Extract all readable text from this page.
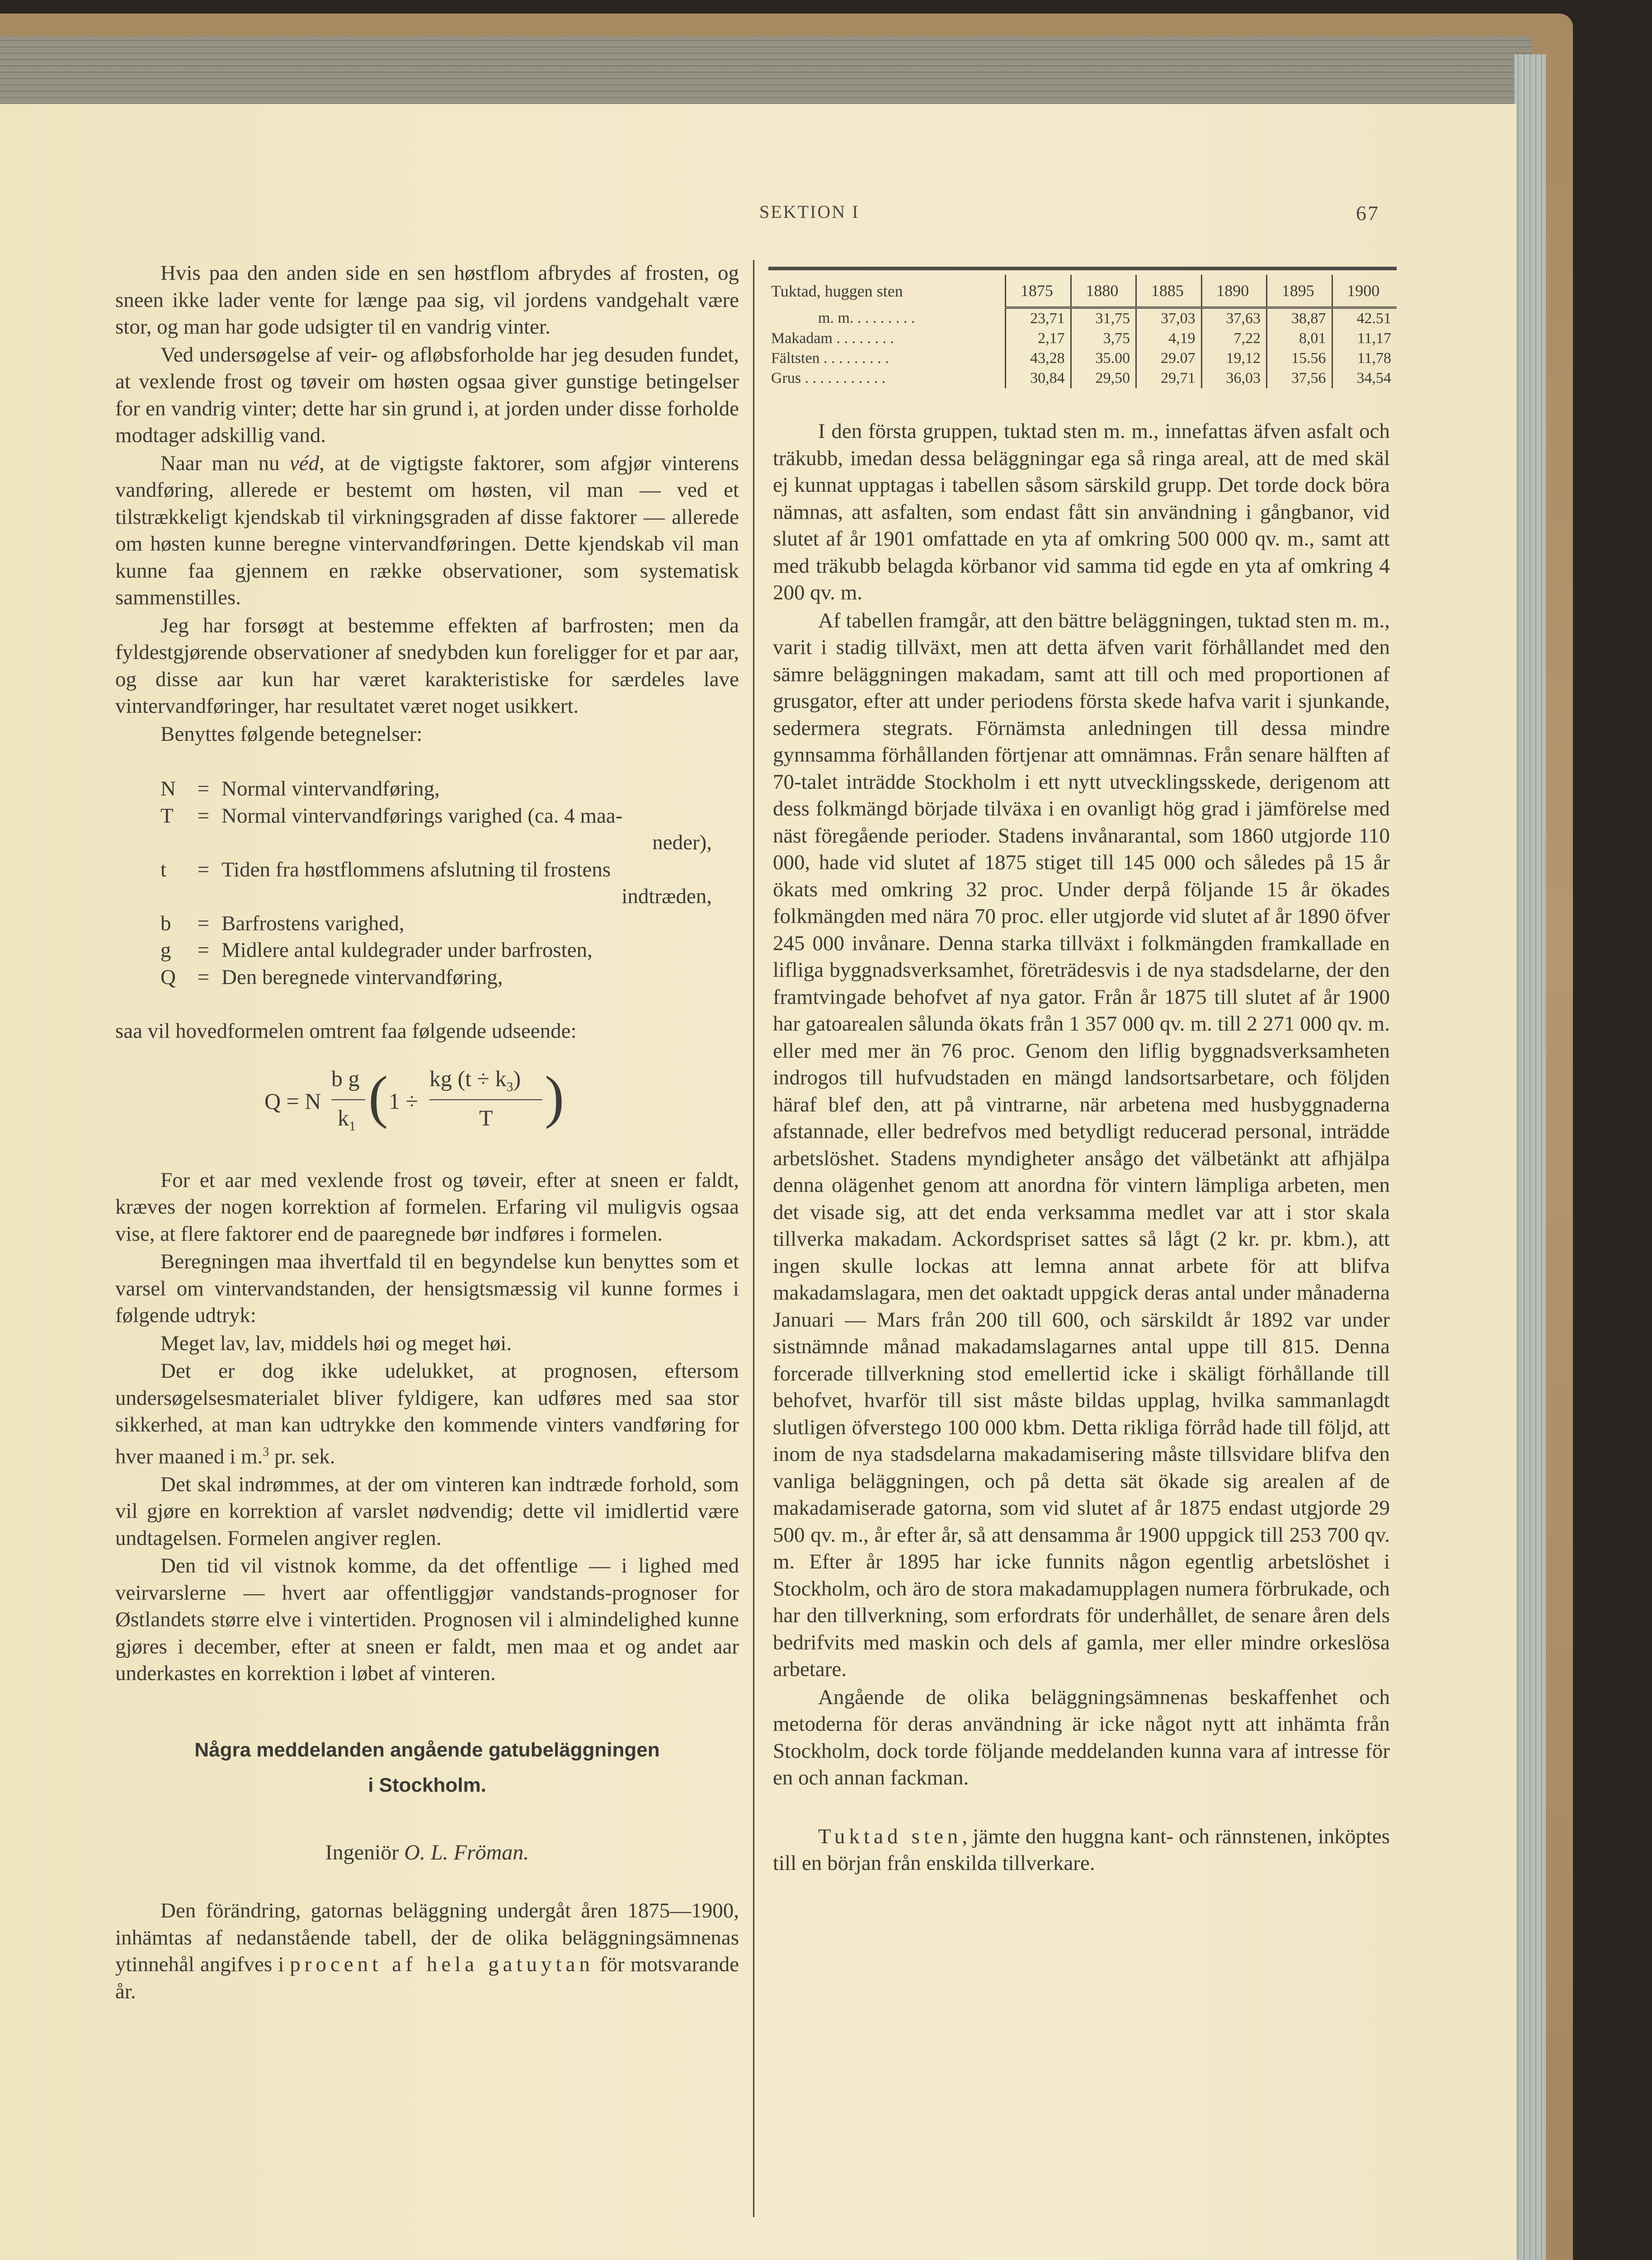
SEKTION I	67

Hvis paa den anden side en sen høstflom afbrydes af frosten, og sneen ikke lader vente for længe paa sig, vil jordens vandgehalt være stor, og man har gode udsigter til en vandrig vinter.

Ved undersøgelse af veir- og afløbsforholde har jeg desuden fundet, at vexlende frost og tøveir om høsten ogsaa giver gunstige betingelser for en vandrig vinter; dette har sin grund i, at jorden under disse forholde modtager adskillig vand.

Naar man nu véd, at de vigtigste faktorer, som afgjør vinterens vandføring, allerede er bestemt om høsten, vil man — ved et tilstrækkeligt kjendskab til virkningsgraden af disse faktorer — allerede om høsten kunne beregne vintervandføringen. Dette kjendskab vil man kunne faa gjennem en række observationer, som systematisk sammenstilles.

Jeg har forsøgt at bestemme effekten af barfrosten; men da fyldestgjørende observationer af snedybden kun foreligger for et par aar, og disse aar kun har været karakteristiske for særdeles lave vintervandføringer, har resultatet været noget usikkert.

Benyttes følgende betegnelser:

N	= Normal vintervandføring,
T	= Normal vintervandførings varighed (ca. 4 maa-
neder),
t	= Tiden fra høstflommens afslutning til frostens
indtræden,
b	= Barfrostens varighed,
g	= Midlere antal kuldegrader under barfrosten,
Q	= Den beregnede vintervandføring,

saa vil hovedformelen omtrent faa følgende udseende:

Q = N
b g
$k_1$ ( 1 ÷
kg $(t \div k_3)$
T )

For et aar med vexlende frost og tøveir, efter at sneen er faldt, kræves der nogen korrektion af formelen. Erfaring vil muligvis ogsaa vise, at flere faktorer end de paaregnede bør indføres i formelen.

Beregningen maa ihvertfald til en begyndelse kun benyttes som et varsel om vintervandstanden, der hensigtsmæssig vil kunne formes i følgende udtryk:

Meget lav, lav, middels høi og meget høi.

Det er dog ikke udelukket, at prognosen, eftersom undersøgelsesmaterialet bliver fyldigere, kan udføres med saa stor sikkerhed, at man kan udtrykke den kommende vinters vandføring for hver maaned i m.$^3$ pr. sek.

Det skal indrømmes, at der om vinteren kan indtræde forhold, som vil gjøre en korrektion af varslet nødvendig; dette vil imidlertid være undtagelsen. Formelen angiver reglen.

Den tid vil vistnok komme, da det offentlige — i lighed med veirvarslerne — hvert aar offentliggjør vandstands-prognoser for Østlandets større elve i vintertiden. Prognosen vil i almindelighed kunne gjøres i december, efter at sneen er faldt, men maa et og andet aar underkastes en korrektion i løbet af vinteren.

Några meddelanden angående gatubeläggningen
i Stockholm.
Ingeniör O. L. Fröman.

Den förändring, gatornas beläggning undergåt åren 1875—1900, inhämtas af nedanstående tabell, der de olika beläggningsämnenas ytinnehål angifves i procent af hela gatuytan för motsvarande år.

Tuktad, huggen sten	1875	1880	1885	1890	1895	1900
m. m. . . . . . . . .	23,71	31,75	37,03	37,63	38,87	42.51
Makadam . . . . . . . .	2,17	3,75	4,19	7,22	8,01	11,17
Fältsten . . . . . . . . .	43,28	35.00	29.07	19,12	15.56	11,78
Grus . . . . . . . . . . .	30,84	29,50	29,71	36,03	37,56	34,54

I den första gruppen, tuktad sten m. m., innefattas äfven asfalt och träkubb, imedan dessa beläggningar ega så ringa areal, att de med skäl ej kunnat upptagas i tabellen såsom särskild grupp. Det torde dock böra nämnas, att asfalten, som endast fått sin användning i gångbanor, vid slutet af år 1901 omfattade en yta af omkring 500 000 qv. m., samt att med träkubb belagda körbanor vid samma tid egde en yta af omkring 4 200 qv. m.

Af tabellen framgår, att den bättre beläggningen, tuktad sten m. m., varit i stadig tillväxt, men att detta äfven varit förhållandet med den sämre beläggningen makadam, samt att till och med proportionen af grusgator, efter att under periodens första skede hafva varit i sjunkande, sedermera stegrats. Förnämsta anledningen till dessa mindre gynnsamma förhållanden förtjenar att omnämnas. Från senare hälften af 70-talet inträdde Stockholm i ett nytt utvecklingsskede, derigenom att dess folkmängd började tilväxa i en ovanligt hög grad i jämförelse med näst föregående perioder. Stadens invånarantal, som 1860 utgjorde 110 000, hade vid slutet af 1875 stiget till 145 000 och således på 15 år ökats med omkring 32 proc. Under derpå följande 15 år ökades folkmängden med nära 70 proc. eller utgjorde vid slutet af år 1890 öfver 245 000 invånare. Denna starka tillväxt i folkmängden framkallade en lifliga byggnadsverksamhet, företrädesvis i de nya stadsdelarne, der den framtvingade behofvet af nya gator. Från år 1875 till slutet af år 1900 har gatoarealen sålunda ökats från 1 357 000 qv. m. till 2 271 000 qv. m. eller med mer än 76 proc. Genom den liflig byggnadsverksamheten indrogos till hufvudstaden en mängd landsortsarbetare, och följden häraf blef den, att på vintrarne, när arbetena med husbyggnaderna afstannade, eller bedrefvos med betydligt reducerad personal, inträdde arbetslöshet. Stadens myndigheter ansågo det välbetänkt att afhjälpa denna olägenhet genom att anordna för vintern lämpliga arbeten, men det visade sig, att det enda verksamma medlet var att i stor skala tillverka makadam. Ackordspriset sattes så lågt (2 kr. pr. kbm.), att ingen skulle lockas att lemna annat arbete för att blifva makadamslagara, men det oaktadt uppgick deras antal under månaderna Januari — Mars från 200 till 600, och särskildt år 1892 var under sistnämnde månad makadamslagarnes antal uppe till 815. Denna forcerade tillverkning stod emellertid icke i skäligt förhållande till behofvet, hvarför till sist måste bildas upplag, hvilka sammanlagdt slutligen öfverstego 100 000 kbm. Detta rikliga förråd hade till följd, att inom de nya stadsdelarna makadamisering måste tillsvidare blifva den vanliga beläggningen, och på detta sät ökade sig arealen af de makadamiserade gatorna, som vid slutet af år 1875 endast utgjorde 29 500 qv. m., år efter år, så att densamma år 1900 uppgick till 253 700 qv. m. Efter år 1895 har icke funnits någon egentlig arbetslöshet i Stockholm, och äro de stora makadamupplagen numera förbrukade, och har den tillverkning, som erfordrats för underhållet, de senare åren dels bedrifvits med maskin och dels af gamla, mer eller mindre orkeslösa arbetare.

Angående de olika beläggningsämnenas beskaffenhet och metoderna för deras användning är icke något nytt att inhämta från Stockholm, dock torde följande meddelanden kunna vara af intresse för en och annan fackman.

Tuktad sten, jämte den huggna kant- och rännstenen, inköptes till en början från enskilda tillverkare.
